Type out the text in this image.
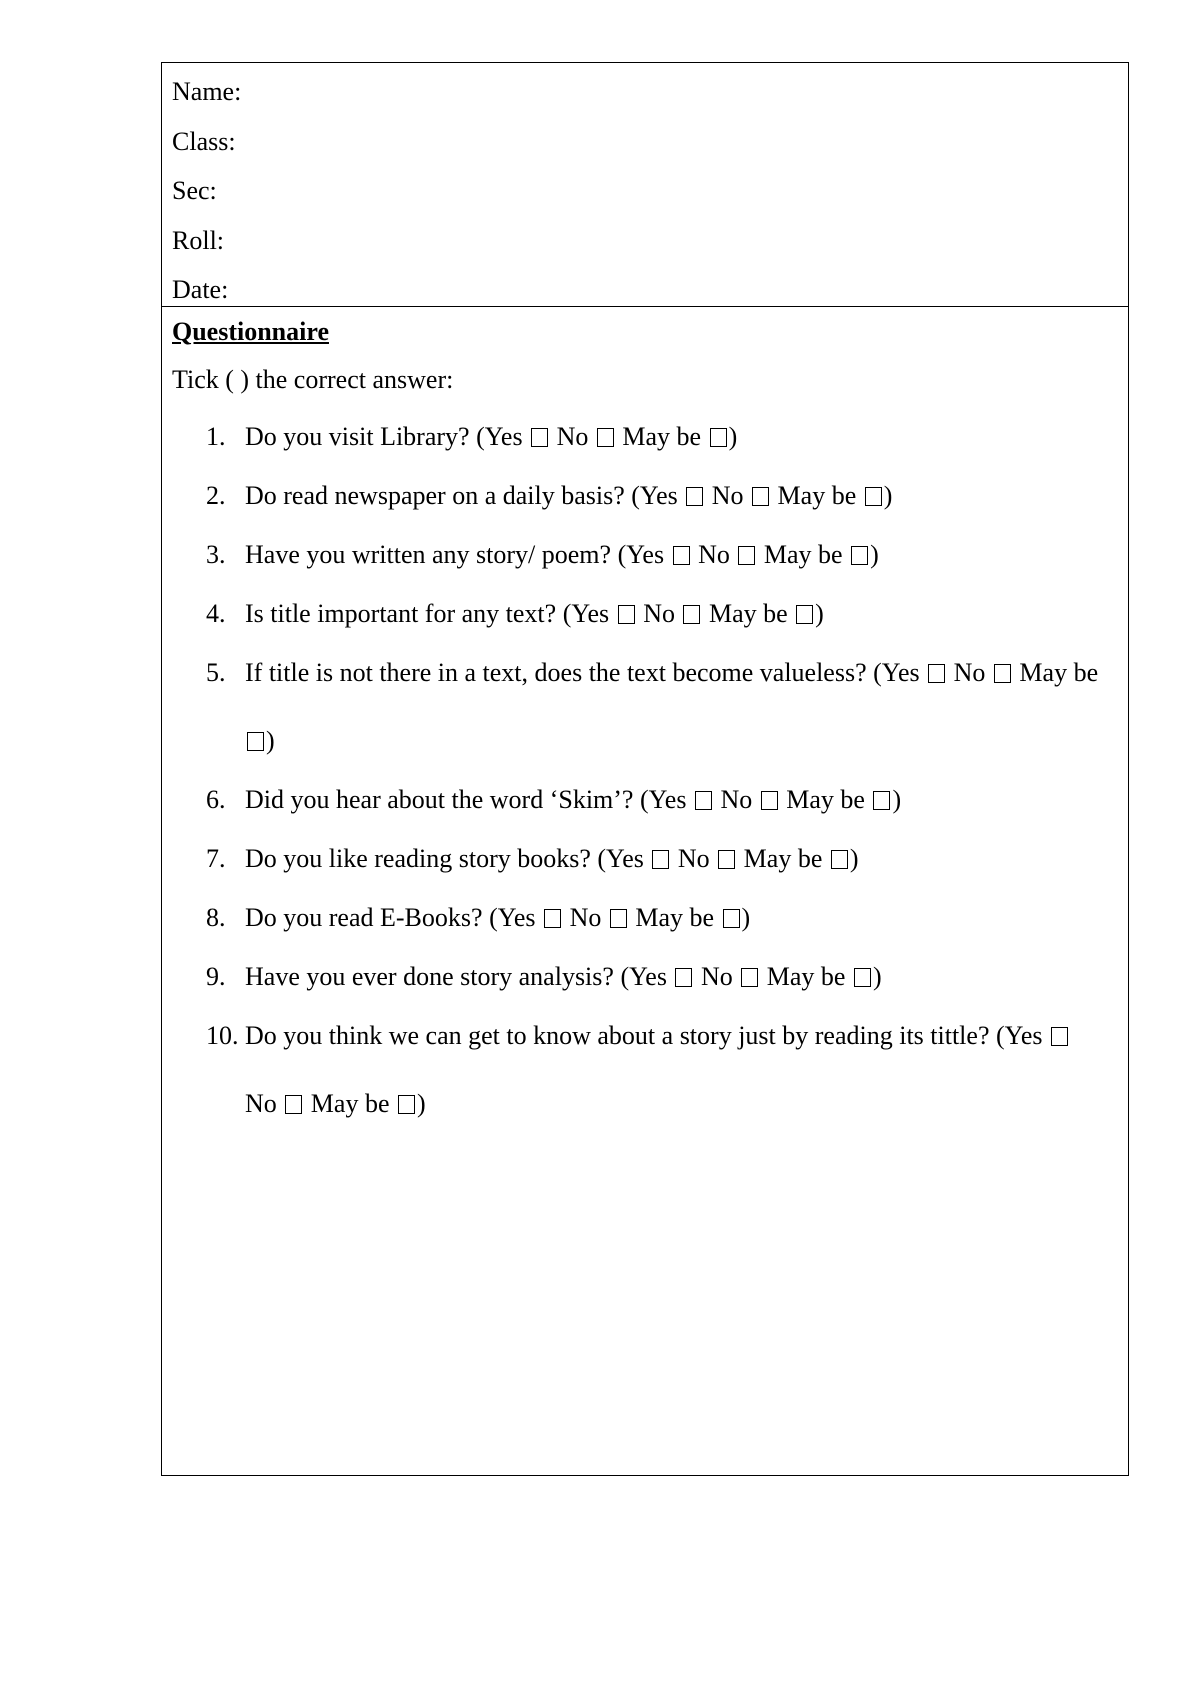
Name:
Class:
Sec:
Roll:
Date:
Questionnaire
Tick ( ) the correct answer:
1. Do you visit Library? (Yes No May be )
2. Do read newspaper on a daily basis? (Yes No May be )
3. Have you written any story/ poem? (Yes No May be )
4. Is title important for any text? (Yes No May be )
5. If title is not there in a text, does the text become valueless? (Yes No May be )
6. Did you hear about the word ‘Skim’? (Yes No May be )
7. Do you like reading story books? (Yes No May be )
8. Do you read E-Books? (Yes No May be )
9. Have you ever done story analysis? (Yes No May be )
10. Do you think we can get to know about a story just by reading its tittle? (Yes  No May be )
